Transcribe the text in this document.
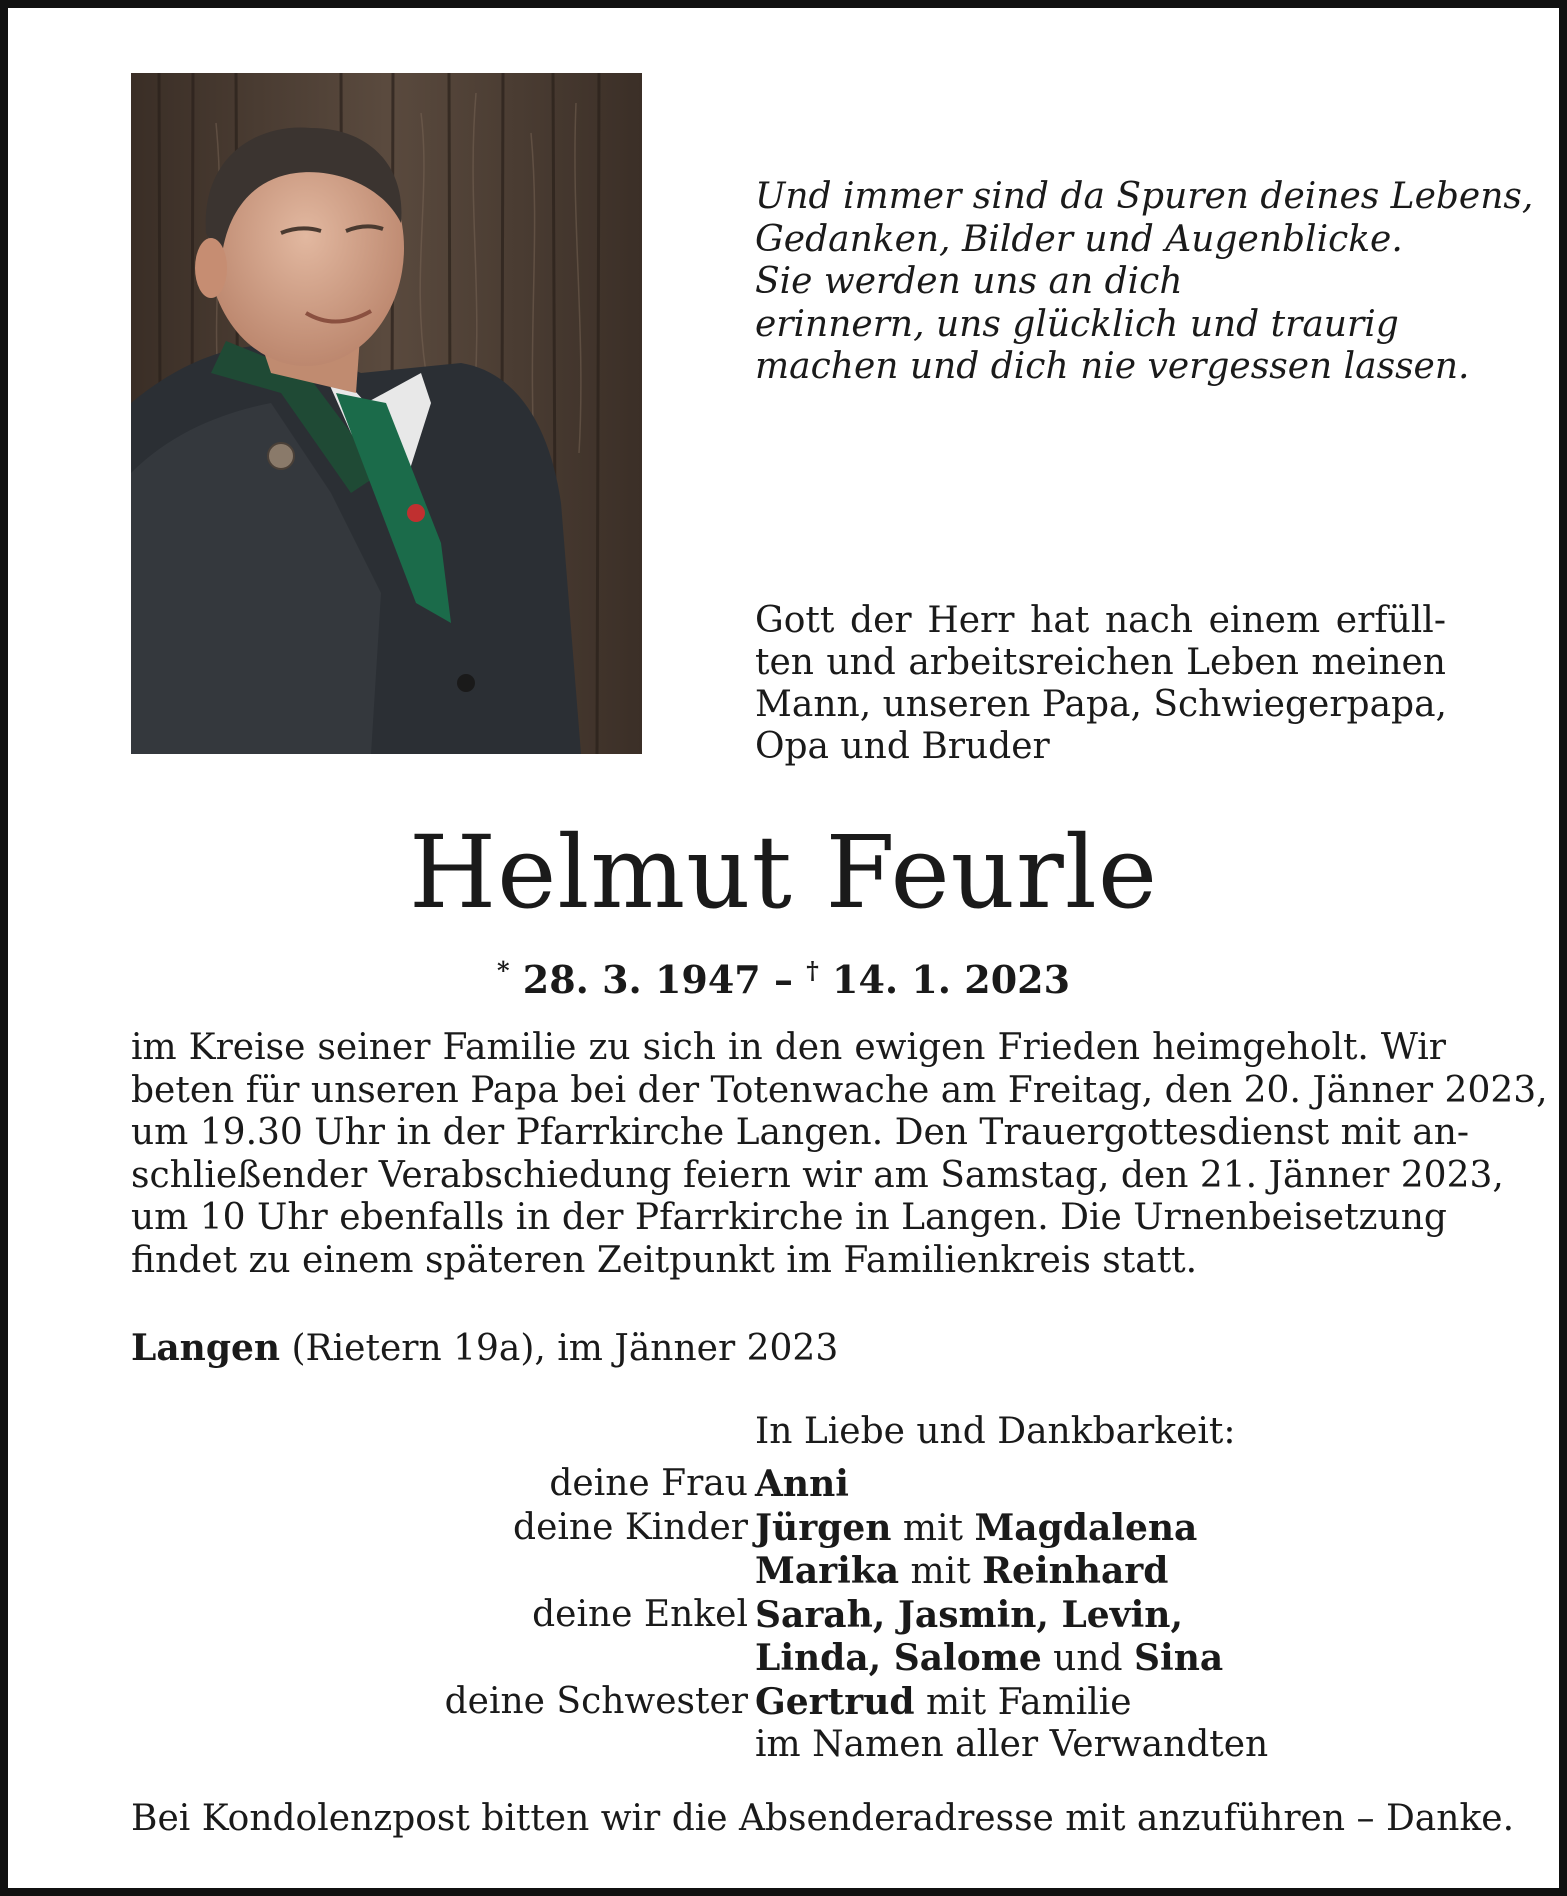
Und immer sind da Spuren deines Lebens,
Gedanken, Bilder und Augenblicke.
Sie werden uns an dich
erinnern, uns glücklich und traurig
machen und dich nie vergessen lassen.
Gott der Herr hat nach einem erfüll-
ten und arbeitsreichen Leben meinen
Mann, unseren Papa, Schwiegerpapa,
Opa und Bruder
Helmut Feurle
* 28. 3. 1947 – † 14. 1. 2023
im Kreise seiner Familie zu sich in den ewigen Frieden heimgeholt. Wir
beten für unseren Papa bei der Totenwache am Freitag, den 20. Jänner 2023,
um 19.30 Uhr in der Pfarrkirche Langen. Den Trauergottesdienst mit an-
schließender Verabschiedung feiern wir am Samstag, den 21. Jänner 2023,
um 10 Uhr ebenfalls in der Pfarrkirche in Langen. Die Urnenbeisetzung
findet zu einem späteren Zeitpunkt im Familienkreis statt.
Langen (Rietern 19a), im Jänner 2023
In Liebe und Dankbarkeit:
deine Frau Anni
deine Kinder Jürgen mit Magdalena
Marika mit Reinhard
deine Enkel Sarah, Jasmin, Levin,
Linda, Salome und Sina
deine Schwester Gertrud mit Familie
im Namen aller Verwandten
Bei Kondolenzpost bitten wir die Absenderadresse mit anzuführen – Danke.
